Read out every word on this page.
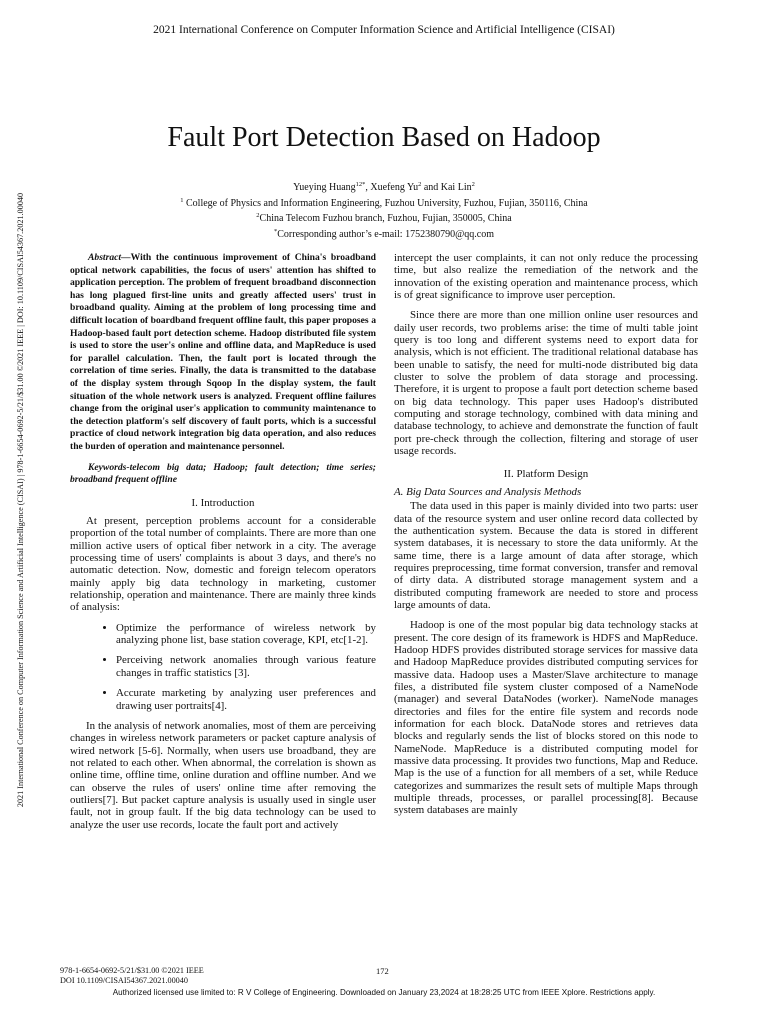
2021 International Conference on Computer Information Science and Artificial Intelligence (CISAI)
2021 International Conference on Computer Information Science and Artificial Intelligence (CISAI) | 978-1-6654-0692-5/21/$31.00 ©2021 IEEE | DOI: 10.1109/CISAI54367.2021.00040
Fault Port Detection Based on Hadoop
Yueying Huang$^{12*}$, Xuefeng Yu$^2$ and Kai Lin$^2$
$^1$ College of Physics and Information Engineering, Fuzhou University, Fuzhou, Fujian, 350116, China
$^2$China Telecom Fuzhou branch, Fuzhou, Fujian, 350005, China
*Corresponding author’s e-mail: 1752380790@qq.com

Abstract—With the continuous improvement of China's broadband optical network capabilities, the focus of users' attention has shifted to application perception. The problem of frequent broadband disconnection has long plagued first-line units and greatly affected users' trust in broadband quality. Aiming at the problem of long processing time and difficult location of boardband frequent offline fault, this paper proposes a Hadoop-based fault port detection scheme. Hadoop distributed file system is used to store the user's online and offline data, and MapReduce is used for parallel calculation. Then, the fault port is located through the correlation of time series. Finally, the data is transmitted to the database of the display system through Sqoop In the display system, the fault situation of the whole network users is analyzed. Frequent offline failures change from the original user's application to community maintenance to the detection platform's self discovery of fault ports, which is a successful practice of cloud network integration big data operation, and also reduces the burden of operation and maintenance personnel.

Keywords-telecom big data; Hadoop; fault detection; time series; broadband frequent offline

I. Introduction

At present, perception problems account for a considerable proportion of the total number of complaints. There are more than one million active users of optical fiber network in a city. The average processing time of users' complaints is about 3 days, and there's no automatic detection. Now, domestic and foreign telecom operators mainly apply big data technology in marketing, customer relationship, operation and maintenance. There are mainly three kinds of analysis:

• Optimize the performance of wireless network by analyzing phone list, base station coverage, KPI, etc[1-2].
• Perceiving network anomalies through various feature changes in traffic statistics [3].
• Accurate marketing by analyzing user preferences and drawing user portraits[4].

In the analysis of network anomalies, most of them are perceiving changes in wireless network parameters or packet capture analysis of wired network [5-6]. Normally, when users use broadband, they are not related to each other. When abnormal, the correlation is shown as online time, offline time, online duration and offline number. And we can observe the rules of users' online time after removing the outliers[7]. But packet capture analysis is usually used in single user fault, not in group fault. If the big data technology can be used to analyze the user use records, locate the fault port and actively

intercept the user complaints, it can not only reduce the processing time, but also realize the remediation of the network and the innovation of the existing operation and maintenance process, which is of great significance to improve user perception.

Since there are more than one million online user resources and daily user records, two problems arise: the time of multi table joint query is too long and different systems need to export data for analysis, which is not efficient. The traditional relational database has been unable to satisfy, the need for multi-node distributed big data cluster to solve the problem of data storage and processing. Therefore, it is urgent to propose a fault port detection scheme based on big data technology. This paper uses Hadoop's distributed computing and storage technology, combined with data mining and database technology, to achieve and demonstrate the function of fault port pre-check through the collection, filtering and storage of user usage records.

II. Platform Design
A. Big Data Sources and Analysis Methods

The data used in this paper is mainly divided into two parts: user data of the resource system and user online record data collected by the authentication system. Because the data is stored in different system databases, it is necessary to store the data uniformly. At the same time, there is a large amount of data after storage, which requires preprocessing, time format conversion, transfer and removal of dirty data. A distributed storage management system and a distributed computing framework are needed to store and process large amounts of data.

Hadoop is one of the most popular big data technology stacks at present. The core design of its framework is HDFS and MapReduce. Hadoop HDFS provides distributed storage services for massive data and Hadoop MapReduce provides distributed computing services for massive data. Hadoop uses a Master/Slave architecture to manage files, a distributed file system cluster composed of a NameNode (manager) and several DataNodes (worker). NameNode manages directories and files for the entire file system and records node information for each block. DataNode stores and retrieves data blocks and regularly sends the list of blocks stored on this node to NameNode. MapReduce is a distributed computing model for massive data processing. It provides two functions, Map and Reduce. Map is the use of a function for all members of a set, while Reduce categorizes and summarizes the result sets of multiple Maps through multiple threads, processes, or parallel processing[8]. Because system databases are mainly

978-1-6654-0692-5/21/$31.00 ©2021 IEEE
DOI 10.1109/CISAI54367.2021.00040
172
Authorized licensed use limited to: R V College of Engineering. Downloaded on January 23,2024 at 18:28:25 UTC from IEEE Xplore. Restrictions apply.
